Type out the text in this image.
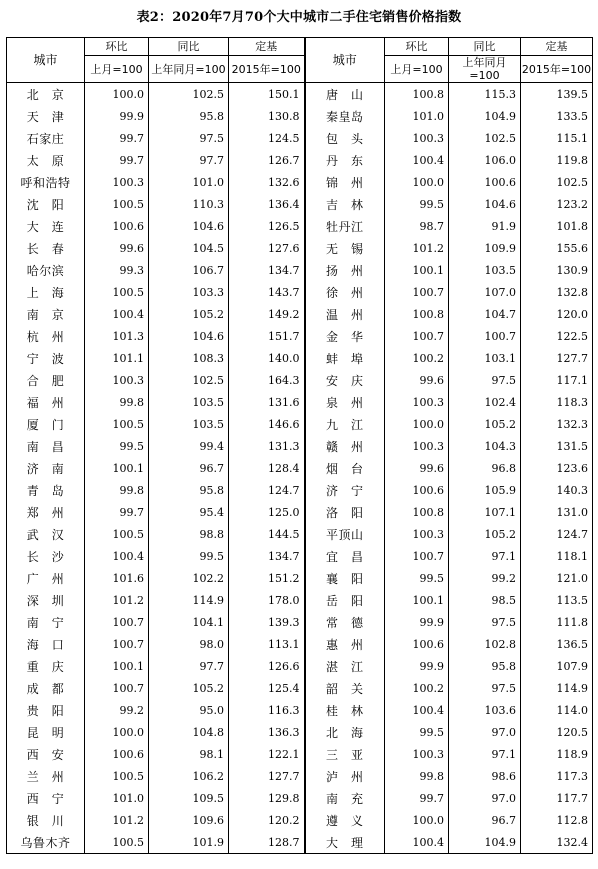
表2：2020年7月70个大中城市二手住宅销售价格指数
城市	环比	同比	定基	城市	环比	同比	定基
	上月=100	上年同月=100	2015年=100		上月=100	上年同月=100	2015年=100
北　京	100.0	102.5	150.1	唐　山	100.8	115.3	139.5
天　津	99.9	95.8	130.8	秦皇岛	101.0	104.9	133.5
石家庄	99.7	97.5	124.5	包　头	100.3	102.5	115.1
太　原	99.7	97.7	126.7	丹　东	100.4	106.0	119.8
呼和浩特	100.3	101.0	132.6	锦　州	100.0	100.6	102.5
沈　阳	100.5	110.3	136.4	吉　林	99.5	104.6	123.2
大　连	100.6	104.6	126.5	牡丹江	98.7	91.9	101.8
长　春	99.6	104.5	127.6	无　锡	101.2	109.9	155.6
哈尔滨	99.3	106.7	134.7	扬　州	100.1	103.5	130.9
上　海	100.5	103.3	143.7	徐　州	100.7	107.0	132.8
南　京	100.4	105.2	149.2	温　州	100.8	104.7	120.0
杭　州	101.3	104.6	151.7	金　华	100.7	100.7	122.5
宁　波	101.1	108.3	140.0	蚌　埠	100.2	103.1	127.7
合　肥	100.3	102.5	164.3	安　庆	99.6	97.5	117.1
福　州	99.8	103.5	131.6	泉　州	100.3	102.4	118.3
厦　门	100.5	103.5	146.6	九　江	100.0	105.2	132.3
南　昌	99.5	99.4	131.3	赣　州	100.3	104.3	131.5
济　南	100.1	96.7	128.4	烟　台	99.6	96.8	123.6
青　岛	99.8	95.8	124.7	济　宁	100.6	105.9	140.3
郑　州	99.7	95.4	125.0	洛　阳	100.8	107.1	131.0
武　汉	100.5	98.8	144.5	平顶山	100.3	105.2	124.7
长　沙	100.4	99.5	134.7	宜　昌	100.7	97.1	118.1
广　州	101.6	102.2	151.2	襄　阳	99.5	99.2	121.0
深　圳	101.2	114.9	178.0	岳　阳	100.1	98.5	113.5
南　宁	100.7	104.1	139.3	常　德	99.9	97.5	111.8
海　口	100.7	98.0	113.1	惠　州	100.6	102.8	136.5
重　庆	100.1	97.7	126.6	湛　江	99.9	95.8	107.9
成　都	100.7	105.2	125.4	韶　关	100.2	97.5	114.9
贵　阳	99.2	95.0	116.3	桂　林	100.4	103.6	114.0
昆　明	100.0	104.8	136.3	北　海	99.5	97.0	120.5
西　安	100.6	98.1	122.1	三　亚	100.3	97.1	118.9
兰　州	100.5	106.2	127.7	泸　州	99.8	98.6	117.3
西　宁	101.0	109.5	129.8	南　充	99.7	97.0	117.7
银　川	101.2	109.6	120.2	遵　义	100.0	96.7	112.8
乌鲁木齐	100.5	101.9	128.7	大　理	100.4	104.9	132.4
